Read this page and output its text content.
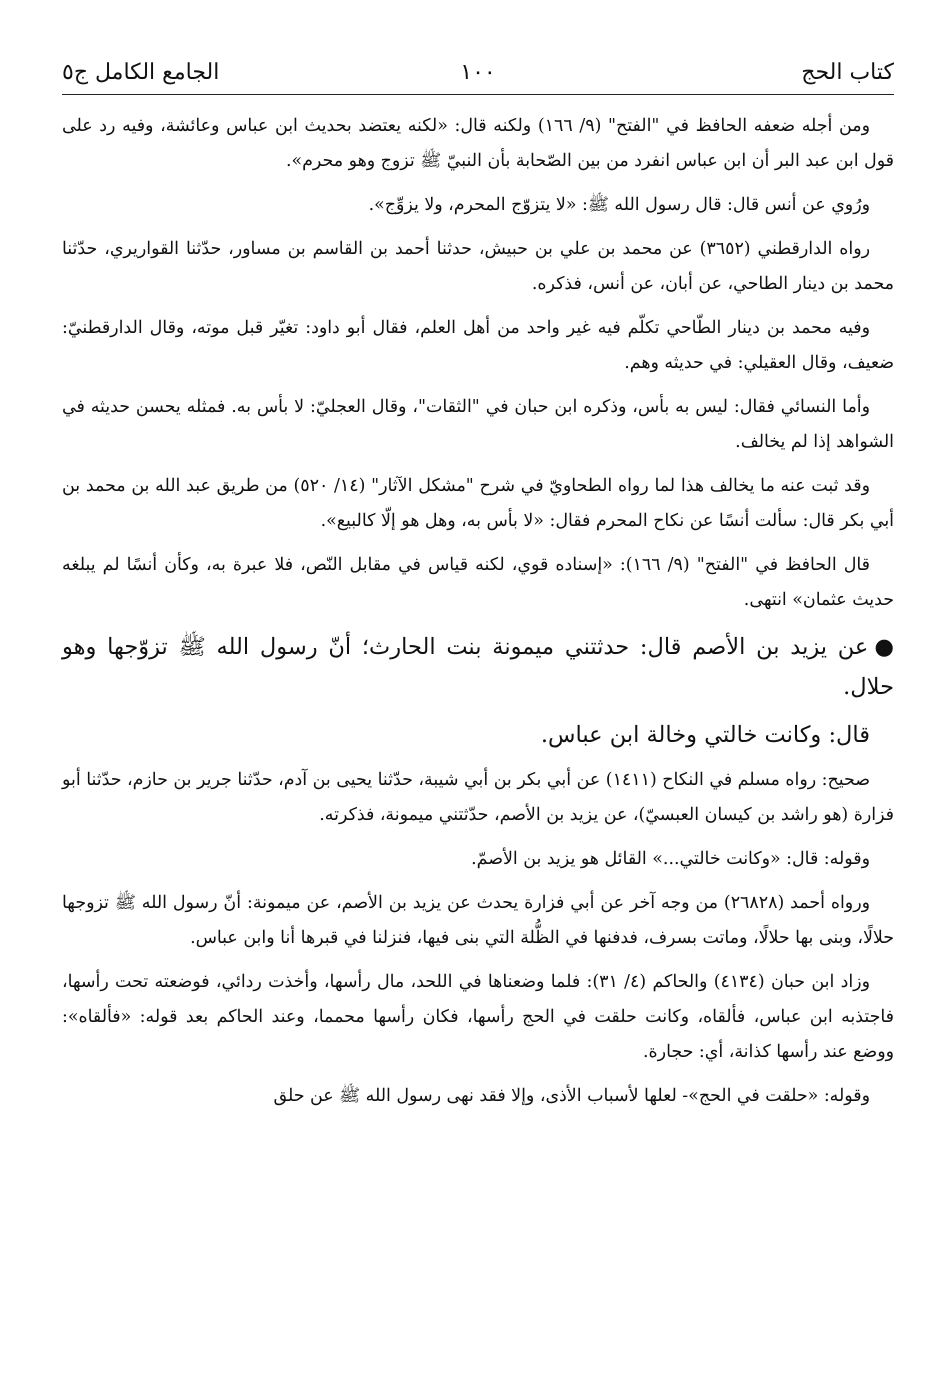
كتاب الحج
١٠٠
الجامع الكامل ج٥

ومن أجله ضعفه الحافظ في "الفتح" (٩/ ١٦٦) ولكنه قال: «لكنه يعتضد بحديث ابن عباس وعائشة، وفيه رد على قول ابن عبد البر أن ابن عباس انفرد من بين الصّحابة بأن النبيّ ﷺ تزوج وهو محرم».

ورُوي عن أنس قال: قال رسول الله ﷺ: «لا يتزوّج المحرم، ولا يزوِّج».

رواه الدارقطني (٣٦٥٢) عن محمد بن علي بن حبيش، حدثنا أحمد بن القاسم بن مساور، حدّثنا القواريري، حدّثنا محمد بن دينار الطاحي، عن أبان، عن أنس، فذكره.

وفيه محمد بن دينار الطّاحي تكلّم فيه غير واحد من أهل العلم، فقال أبو داود: تغيّر قبل موته، وقال الدارقطنيّ: ضعيف، وقال العقيلي: في حديثه وهم.

وأما النسائي فقال: ليس به بأس، وذكره ابن حبان في "الثقات"، وقال العجليّ: لا بأس به. فمثله يحسن حديثه في الشواهد إذا لم يخالف.

وقد ثبت عنه ما يخالف هذا لما رواه الطحاويّ في شرح "مشكل الآثار" (١٤/ ٥٢٠) من طريق عبد الله بن محمد بن أبي بكر قال: سألت أنسًا عن نكاح المحرم فقال: «لا بأس به، وهل هو إلّا كالبيع».

قال الحافظ في "الفتح" (٩/ ١٦٦): «إسناده قوي، لكنه قياس في مقابل النّص، فلا عبرة به، وكأن أنسًا لم يبلغه حديث عثمان» انتهى.

●عن يزيد بن الأصم قال: حدثتني ميمونة بنت الحارث؛ أنّ رسول الله ﷺ تزوّجها وهو حلال.

قال: وكانت خالتي وخالة ابن عباس.

صحيح: رواه مسلم في النكاح (١٤١١) عن أبي بكر بن أبي شيبة، حدّثنا يحيى بن آدم، حدّثنا جرير بن حازم، حدّثنا أبو فزارة (هو راشد بن كيسان العبسيّ)، عن يزيد بن الأصم، حدّثتني ميمونة، فذكرته.

وقوله: قال: «وكانت خالتي...» القائل هو يزيد بن الأصمّ.

ورواه أحمد (٢٦٨٢٨) من وجه آخر عن أبي فزارة يحدث عن يزيد بن الأصم، عن ميمونة: أنّ رسول الله ﷺ تزوجها حلالًا، وبنى بها حلالًا، وماتت بسرف، فدفنها في الظُّلة التي بنى فيها، فنزلنا في قبرها أنا وابن عباس.

وزاد ابن حبان (٤١٣٤) والحاكم (٤/ ٣١): فلما وضعناها في اللحد، مال رأسها، وأخذت ردائي، فوضعته تحت رأسها، فاجتذبه ابن عباس، فألقاه، وكانت حلقت في الحج رأسها، فكان رأسها محمما، وعند الحاكم بعد قوله: «فألقاه»: ووضع عند رأسها كذانة، أي: حجارة.

وقوله: «حلقت في الحج»- لعلها لأسباب الأذى، وإلا فقد نهى رسول الله ﷺ عن حلق
